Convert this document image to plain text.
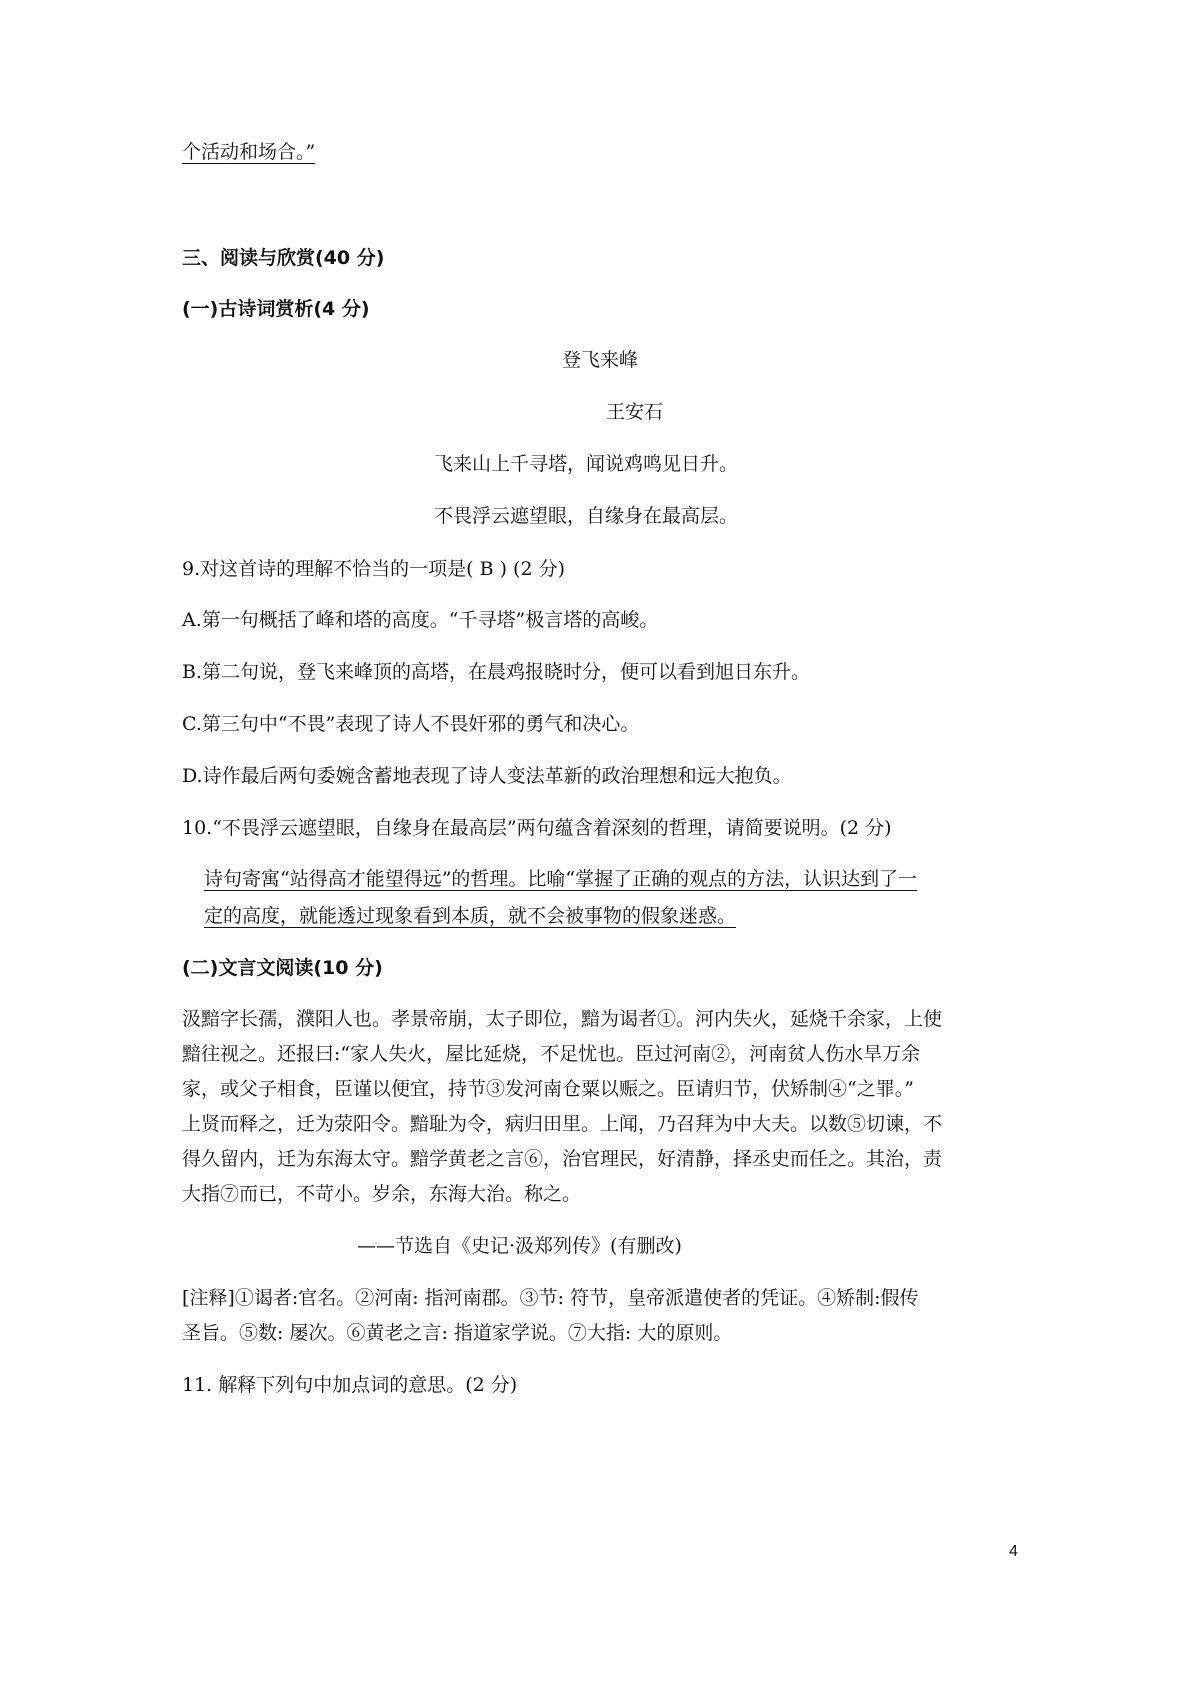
个活动和场合。”
三、阅读与欣赏(40 分)
(一)古诗词赏析(4 分)
登飞来峰
王安石
飞来山上千寻塔，闻说鸡鸣见日升。
不畏浮云遮望眼，自缘身在最高层。
9.对这首诗的理解不恰当的一项是( B ) (2 分)
A.第一句概括了峰和塔的高度。“千寻塔”极言塔的高峻。
B.第二句说，登飞来峰顶的高塔，在晨鸡报晓时分，便可以看到旭日东升。
C.第三句中“不畏”表现了诗人不畏奸邪的勇气和决心。
D.诗作最后两句委婉含蓄地表现了诗人变法革新的政治理想和远大抱负。
10.“不畏浮云遮望眼，自缘身在最高层”两句蕴含着深刻的哲理，请简要说明。(2 分)
诗句寄寓“站得高才能望得远”的哲理。比喻“掌握了正确的观点的方法，认识达到了一
定的高度，就能透过现象看到本质，就不会被事物的假象迷惑。
(二)文言文阅读(10 分)
汲黯字长孺，濮阳人也。孝景帝崩，太子即位，黯为谒者①。河内失火，延烧千余家，上使
黯往视之。还报曰:“家人失火，屋比延烧，不足忧也。臣过河南②，河南贫人伤水旱万余
家，或父子相食，臣谨以便宜，持节③发河南仓粟以赈之。臣请归节，伏矫制④“之罪。”
上贤而释之，迁为荥阳令。黯耻为令，病归田里。上闻，乃召拜为中大夫。以数⑤切谏，不
得久留内，迁为东海太守。黯学黄老之言⑥，治官理民，好清静，择丞史而任之。其治，责
大指⑦而已，不苛小。岁余，东海大治。称之。
——节选自《史记·汲郑列传》(有删改)
[注释]①谒者:官名。②河南: 指河南郡。③节: 符节，皇帝派遣使者的凭证。④矫制:假传
圣旨。⑤数: 屡次。⑥黄老之言: 指道家学说。⑦大指: 大的原则。
11. 解释下列句中加点词的意思。(2 分)
4
